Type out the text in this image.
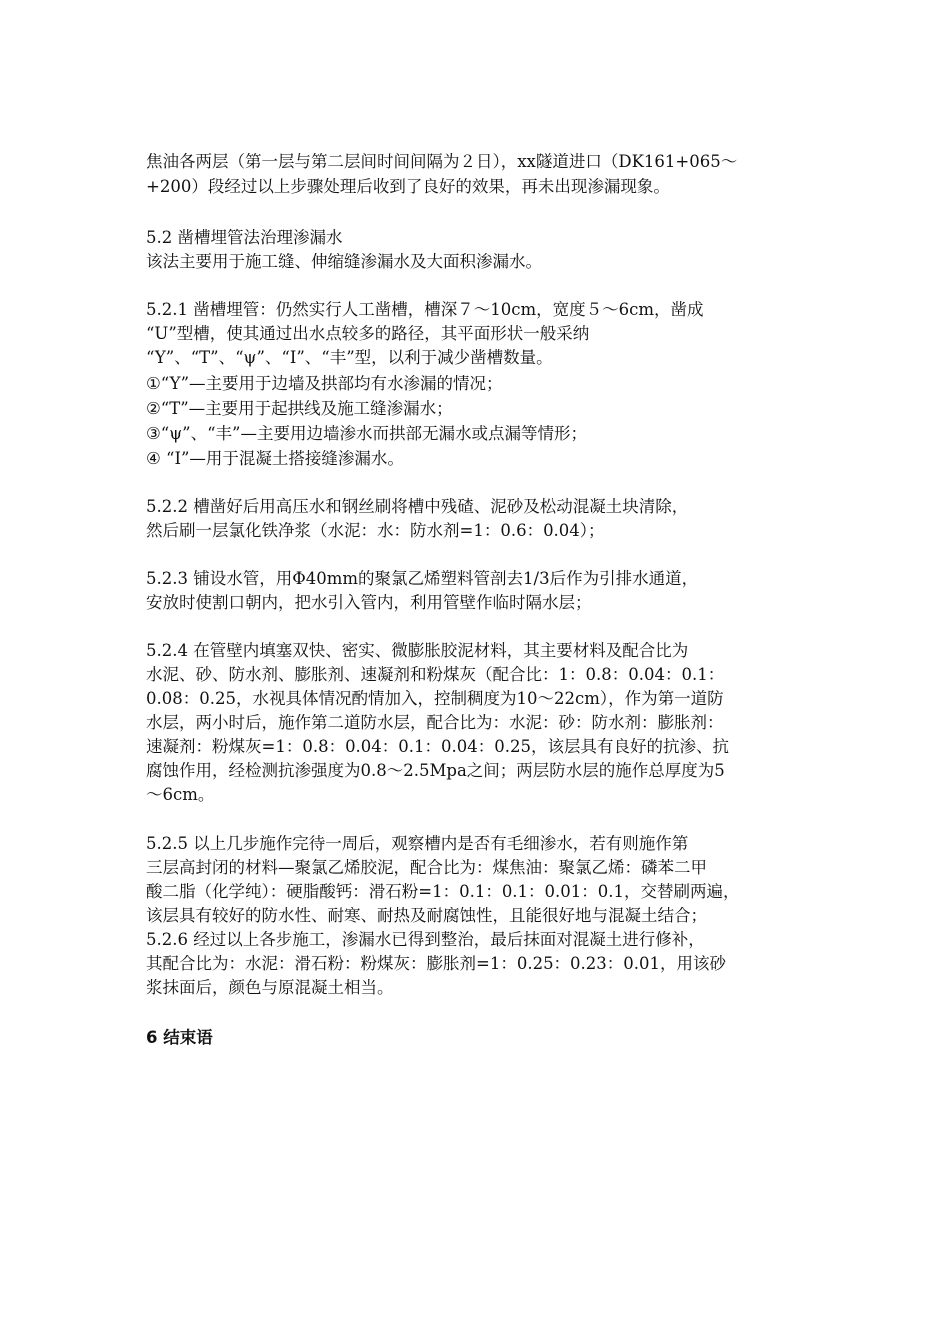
焦油各两层（第一层与第二层间时间间隔为２日），xx隧道进口（DK161+065～
+200）段经过以上步骤处理后收到了良好的效果，再未出现渗漏现象。
5.2 凿槽埋管法治理渗漏水
该法主要用于施工缝、伸缩缝渗漏水及大面积渗漏水。
5.2.1 凿槽埋管：仍然实行人工凿槽，槽深７～10cm，宽度５～6cm，凿成
“U”型槽，使其通过出水点较多的路径，其平面形状一般采纳
“Y”、“T”、“ψ”、“I”、“丰”型，以利于减少凿槽数量。
①“Y”—主要用于边墙及拱部均有水渗漏的情况；
②“T”—主要用于起拱线及施工缝渗漏水；
③“ψ”、“丰”—主要用边墙渗水而拱部无漏水或点漏等情形；
④ “I”—用于混凝土搭接缝渗漏水。
5.2.2 槽凿好后用高压水和钢丝刷将槽中残碴、泥砂及松动混凝土块清除，
然后刷一层氯化铁净浆（水泥：水：防水剂=1：0.6：0.04）；
5.2.3 铺设水管，用Φ40mm的聚氯乙烯塑料管剖去1/3后作为引排水通道，
安放时使割口朝内，把水引入管内，利用管壁作临时隔水层；
5.2.4 在管壁内填塞双快、密实、微膨胀胶泥材料，其主要材料及配合比为
水泥、砂、防水剂、膨胀剂、速凝剂和粉煤灰（配合比：1：0.8：0.04：0.1：
0.08：0.25，水视具体情况酌情加入，控制稠度为10～22cm），作为第一道防
水层，两小时后，施作第二道防水层，配合比为：水泥：砂：防水剂：膨胀剂：
速凝剂：粉煤灰=1：0.8：0.04：0.1：0.04：0.25，该层具有良好的抗渗、抗
腐蚀作用，经检测抗渗强度为0.8～2.5Mpa之间；两层防水层的施作总厚度为5
～6cm。
5.2.5 以上几步施作完待一周后，观察槽内是否有毛细渗水，若有则施作第
三层高封闭的材料—聚氯乙烯胶泥，配合比为：煤焦油：聚氯乙烯：磷苯二甲
酸二脂（化学纯）：硬脂酸钙：滑石粉=1：0.1：0.1：0.01：0.1，交替刷两遍，
该层具有较好的防水性、耐寒、耐热及耐腐蚀性，且能很好地与混凝土结合；
5.2.6 经过以上各步施工，渗漏水已得到整治，最后抹面对混凝土进行修补，
其配合比为：水泥：滑石粉：粉煤灰：膨胀剂=1：0.25：0.23：0.01，用该砂
浆抹面后，颜色与原混凝土相当。
6 结束语
